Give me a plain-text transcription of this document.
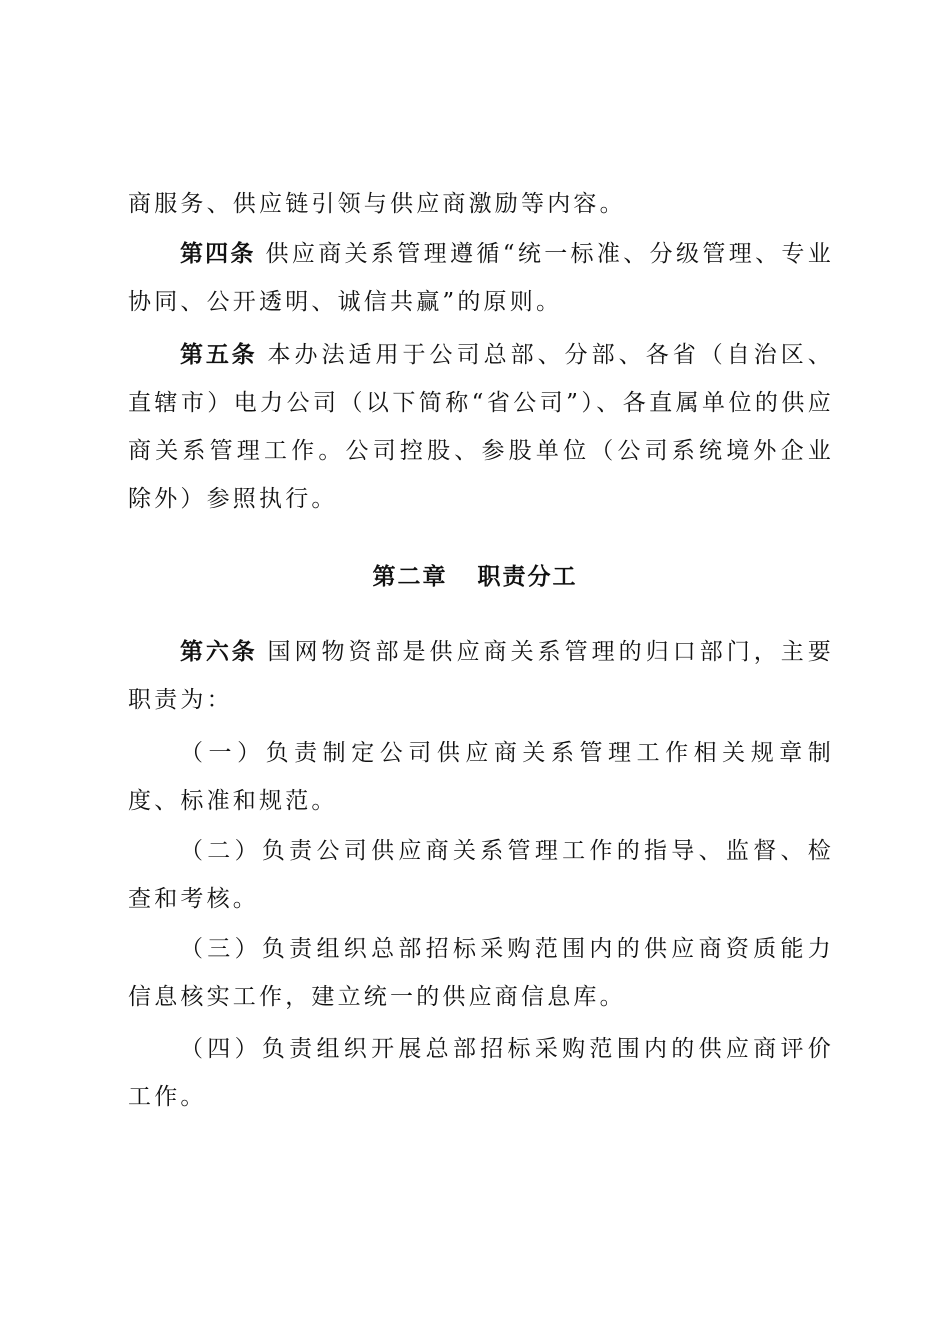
商服务、供应链引领与供应商激励等内容。

第四条 供应商关系管理遵循“统一标准、分级管理、专业协同、公开透明、诚信共赢”的原则。

第五条 本办法适用于公司总部、分部、各省（自治区、直辖市）电力公司（以下简称“省公司”）、各直属单位的供应商关系管理工作。公司控股、参股单位（公司系统境外企业除外）参照执行。

第二章 职责分工

第六条 国网物资部是供应商关系管理的归口部门，主要职责为：

（一）负责制定公司供应商关系管理工作相关规章制度、标准和规范。

（二）负责公司供应商关系管理工作的指导、监督、检查和考核。

（三）负责组织总部招标采购范围内的供应商资质能力信息核实工作，建立统一的供应商信息库。

（四）负责组织开展总部招标采购范围内的供应商评价工作。
